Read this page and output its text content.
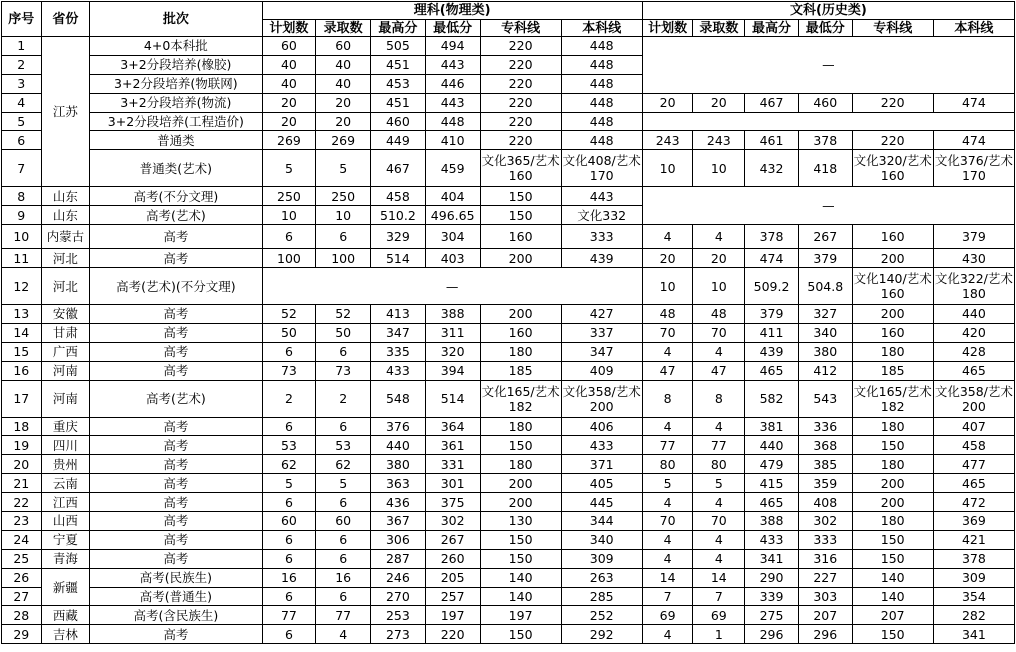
序号	省份	批次	理科(物理类)						文科(历史类)					
			计划数	录取数	最高分	最低分	专科线	本科线	计划数	录取数	最高分	最低分	专科线	本科线
1	江苏	4+0本科批	60	60	505	494	220	448	—					
2		3+2分段培养(橡胶)	40	40	451	443	220	448						
3		3+2分段培养(物联网)	40	40	453	446	220	448						
4		3+2分段培养(物流)	20	20	451	443	220	448	20	20	467	460	220	474
5		3+2分段培养(工程造价)	20	20	460	448	220	448						
6		普通类	269	269	449	410	220	448	243	243	461	378	220	474
7		普通类(艺术)	5	5	467	459	文化365/艺术160	文化408/艺术170	10	10	432	418	文化320/艺术160	文化376/艺术170
8	山东	高考(不分文理)	250	250	458	404	150	443	—					
9	山东	高考(艺术)	10	10	510.2	496.65	150	文化332						
10	内蒙古	高考	6	6	329	304	160	333	4	4	378	267	160	379
11	河北	高考	100	100	514	403	200	439	20	20	474	379	200	430
12	河北	高考(艺术)(不分文理)	—						10	10	509.2	504.8	文化140/艺术160	文化322/艺术180
13	安徽	高考	52	52	413	388	200	427	48	48	379	327	200	440
14	甘肃	高考	50	50	347	311	160	337	70	70	411	340	160	420
15	广西	高考	6	6	335	320	180	347	4	4	439	380	180	428
16	河南	高考	73	73	433	394	185	409	47	47	465	412	185	465
17	河南	高考(艺术)	2	2	548	514	文化165/艺术182	文化358/艺术200	8	8	582	543	文化165/艺术182	文化358/艺术200
18	重庆	高考	6	6	376	364	180	406	4	4	381	336	180	407
19	四川	高考	53	53	440	361	150	433	77	77	440	368	150	458
20	贵州	高考	62	62	380	331	180	371	80	80	479	385	180	477
21	云南	高考	5	5	363	301	200	405	5	5	415	359	200	465
22	江西	高考	6	6	436	375	200	445	4	4	465	408	200	472
23	山西	高考	60	60	367	302	130	344	70	70	388	302	180	369
24	宁夏	高考	6	6	306	267	150	340	4	4	433	333	150	421
25	青海	高考	6	6	287	260	150	309	4	4	341	316	150	378
26	新疆	高考(民族生)	16	16	246	205	140	263	14	14	290	227	140	309
27		高考(普通生)	6	6	270	257	140	285	7	7	339	303	140	354
28	西藏	高考(含民族生)	77	77	253	197	197	252	69	69	275	207	207	282
29	吉林	高考	6	4	273	220	150	292	4	1	296	296	150	341
